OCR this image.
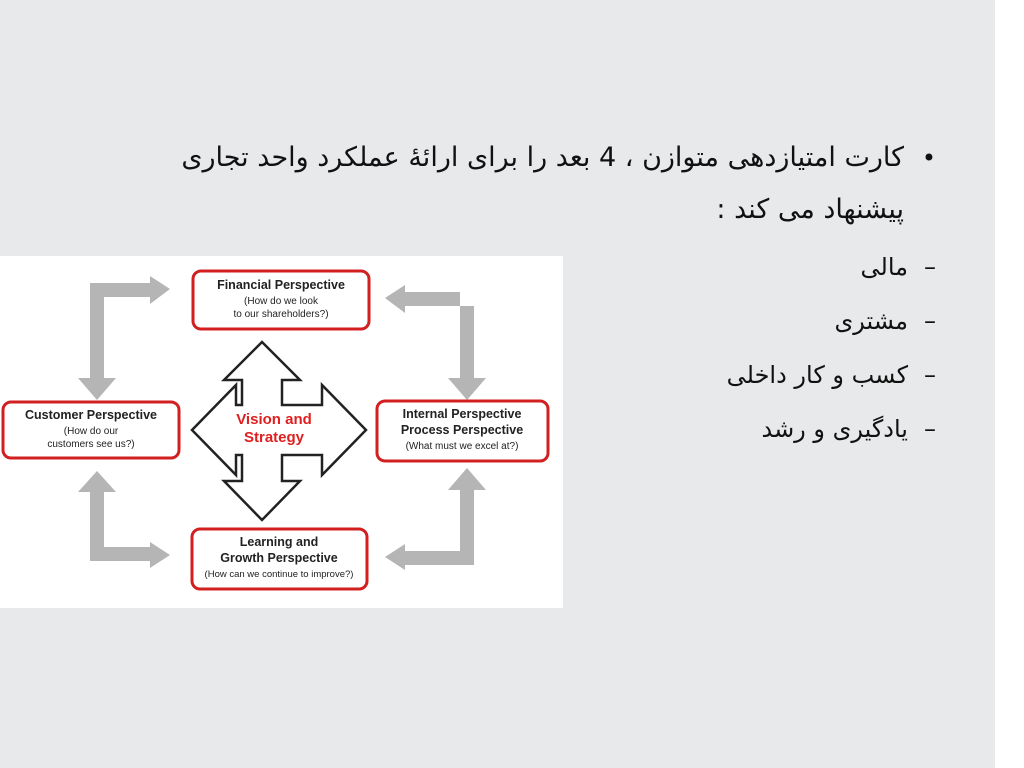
•
کارت امتیازدهی متوازن ، 4 بعد را برای ارائۀ عملکرد واحد تجاری پیشنهاد می کند :
–
مالی
–
مشتری
–
کسب و کار داخلی
–
یادگیری و رشد
Vision and
Strategy
Financial Perspective
(How do we look
to our shareholders?)
Customer Perspective
(How do our
customers see us?)
Internal Perspective
Process Perspective
(What must we excel at?)
Learning and
Growth Perspective
(How can we continue to improve?)
